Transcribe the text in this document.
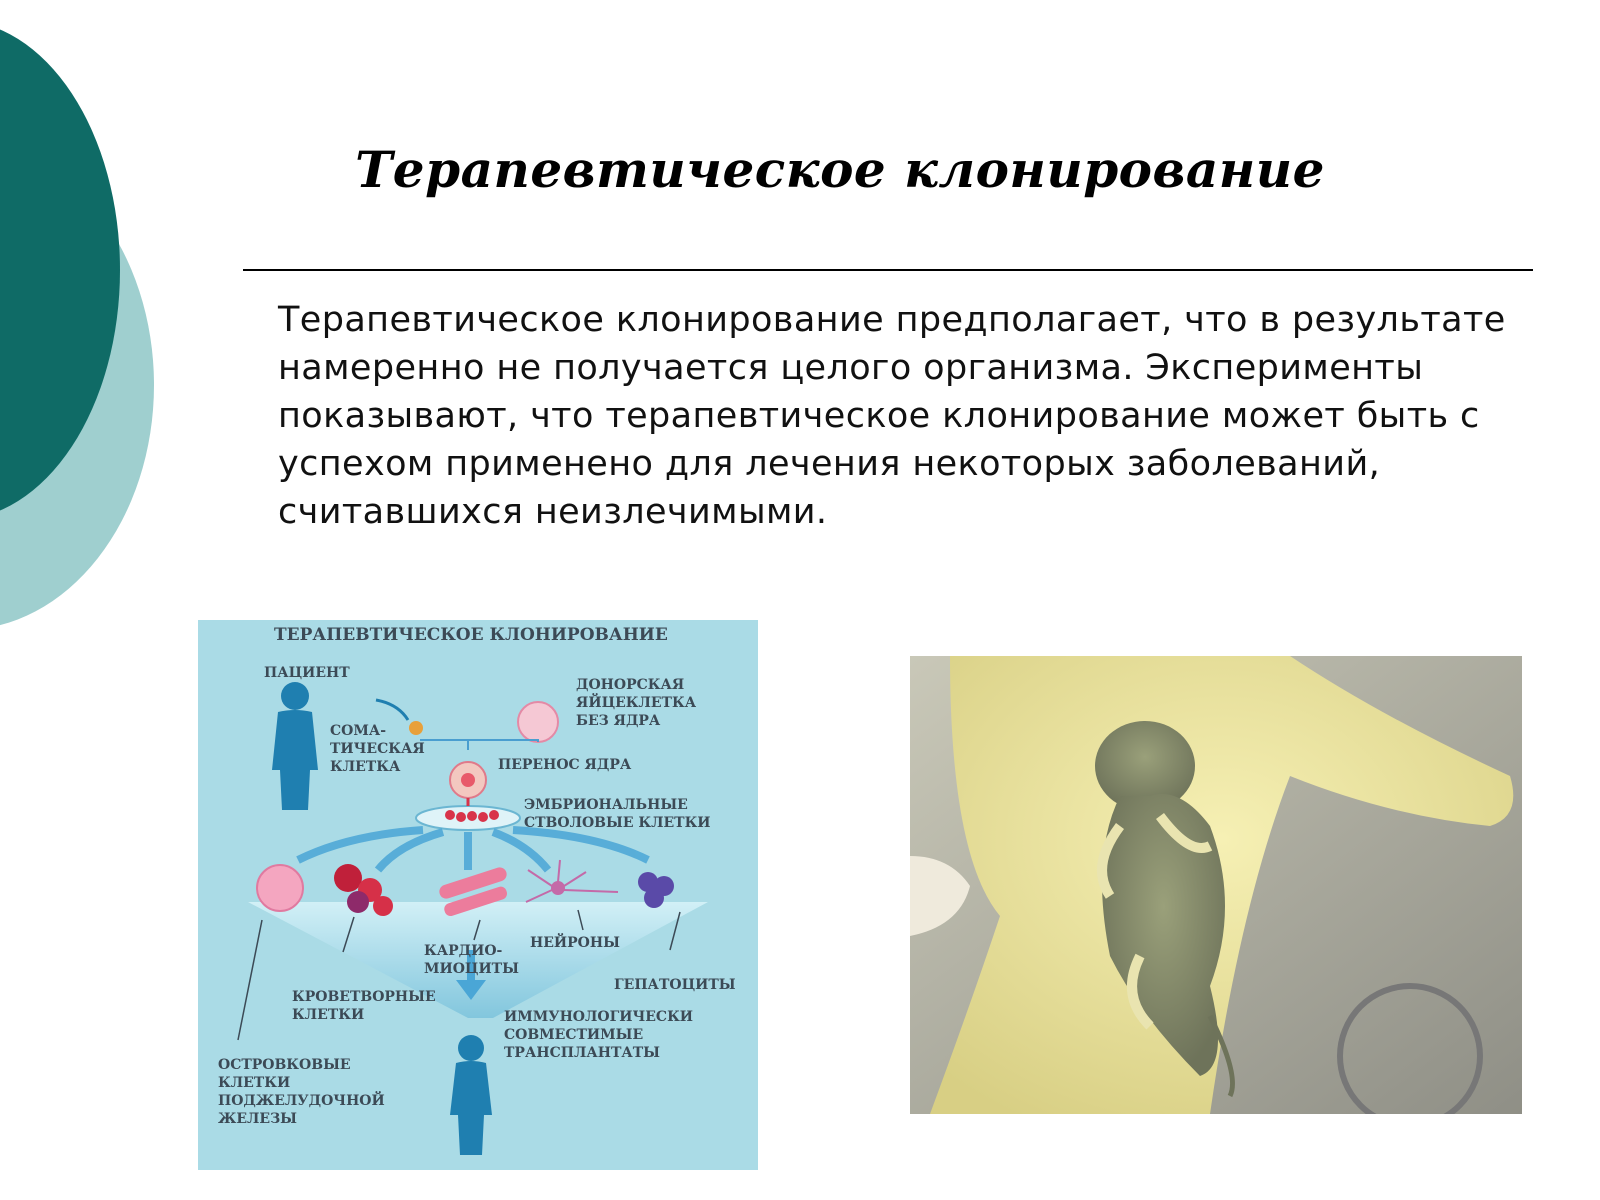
Терапевтическое клонирование

Терапевтическое клонирование предполагает, что в результате намеренно не получается целого организма. Эксперименты показывают, что терапевтическое клонирование может быть с успехом применено для лечения некоторых заболеваний, считавшихся неизлечимыми.

ТЕРАПЕВТИЧЕСКОЕ КЛОНИРОВАНИЕ
ПАЦИЕНТ
СОМА-
ТИЧЕСКАЯ
КЛЕТКА
ДОНОРСКАЯ
ЯЙЦЕКЛЕТКА
БЕЗ ЯДРА
ПЕРЕНОС ЯДРА
ЭМБРИОНАЛЬНЫЕ
СТВОЛОВЫЕ КЛЕТКИ
КАРДИО-
МИОЦИТЫ
НЕЙРОНЫ
КРОВЕТВОРНЫЕ
КЛЕТКИ
ГЕПАТОЦИТЫ
ИММУНОЛОГИЧЕСКИ
СОВМЕСТИМЫЕ
ТРАНСПЛАНТАТЫ
ОСТРОВКОВЫЕ
КЛЕТКИ
ПОДЖЕЛУДОЧНОЙ
ЖЕЛЕЗЫ
